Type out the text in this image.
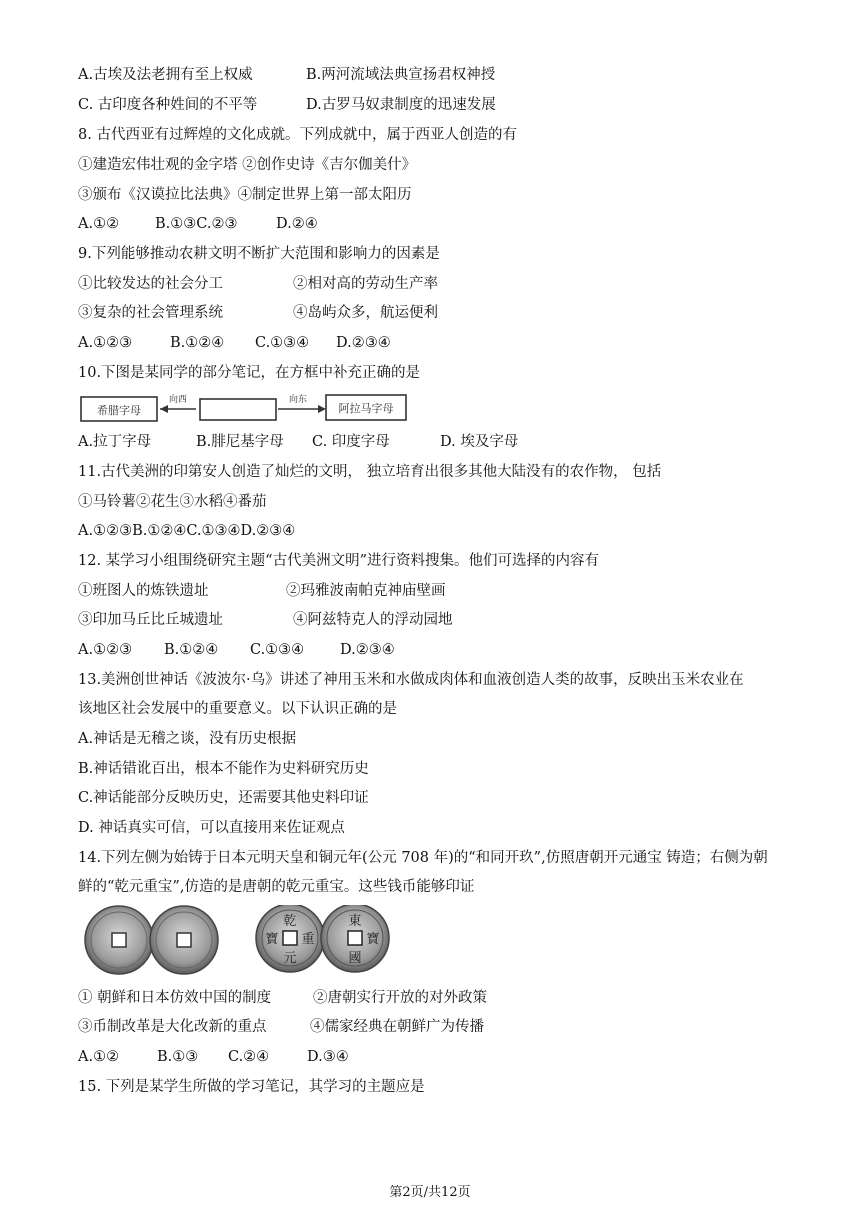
A.古埃及法老拥有至上权威	B.两河流域法典宣扬君权神授
C. 古印度各种姓间的不平等	D.古罗马奴隶制度的迅速发展
8. 古代西亚有过辉煌的文化成就。下列成就中，属于西亚人创造的有
①建造宏伟壮观的金字塔 ②创作史诗《吉尔伽美什》
③颁布《汉谟拉比法典》④制定世界上第一部太阳历
A.①② B.①③C.②③	D.②④
9.下列能够推动农耕文明不断扩大范围和影响力的因素是
①比较发达的社会分工	②相对高的劳动生产率
③复杂的社会管理系统	④岛屿众多，航运便利
A.①②③	B.①②④ C.①③④ D.②③④
10.下图是某同学的部分笔记，在方框中补充正确的是
A.拉丁字母	B.腓尼基字母 C. 印度字母	D. 埃及字母
11.古代美洲的印第安人创造了灿烂的文明， 独立培育出很多其他大陆没有的农作物， 包括
①马铃薯②花生③水稻④番茄
A.①②③B.①②④C.①③④D.②③④
12. 某学习小组围绕研究主题“古代美洲文明”进行资料搜集。他们可选择的内容有
①班图人的炼铁遗址	②玛雅波南帕克神庙壁画
③印加马丘比丘城遗址	④阿兹特克人的浮动园地
A.①②③ B.①②④ C.①③④ D.②③④
13.美洲创世神话《波波尔·乌》讲述了神用玉米和水做成肉体和血液创造人类的故事，反映出玉米农业在
该地区社会发展中的重要意义。以下认识正确的是
A.神话是无稽之谈，没有历史根据
B.神话错讹百出，根本不能作为史料研究历史
C.神话能部分反映历史，还需要其他史料印证
D. 神话真实可信，可以直接用来佐证观点
14.下列左侧为始铸于日本元明天皇和铜元年(公元 708 年)的“和同开玖”,仿照唐朝开元通宝 铸造；右侧为朝
鲜的“乾元重宝”,仿造的是唐朝的乾元重宝。这些钱币能够印证
① 朝鲜和日本仿效中国的制度	②唐朝实行开放的对外政策
③币制改革是大化改新的重点	④儒家经典在朝鲜广为传播
A.①②	B.①③ C.②④	D.③④
15. 下列是某学生所做的学习笔记，其学习的主题应是
希腊字母
向西	向东
阿拉马字母
乾
重
寶
元
東
寶
國
第2页/共12页
